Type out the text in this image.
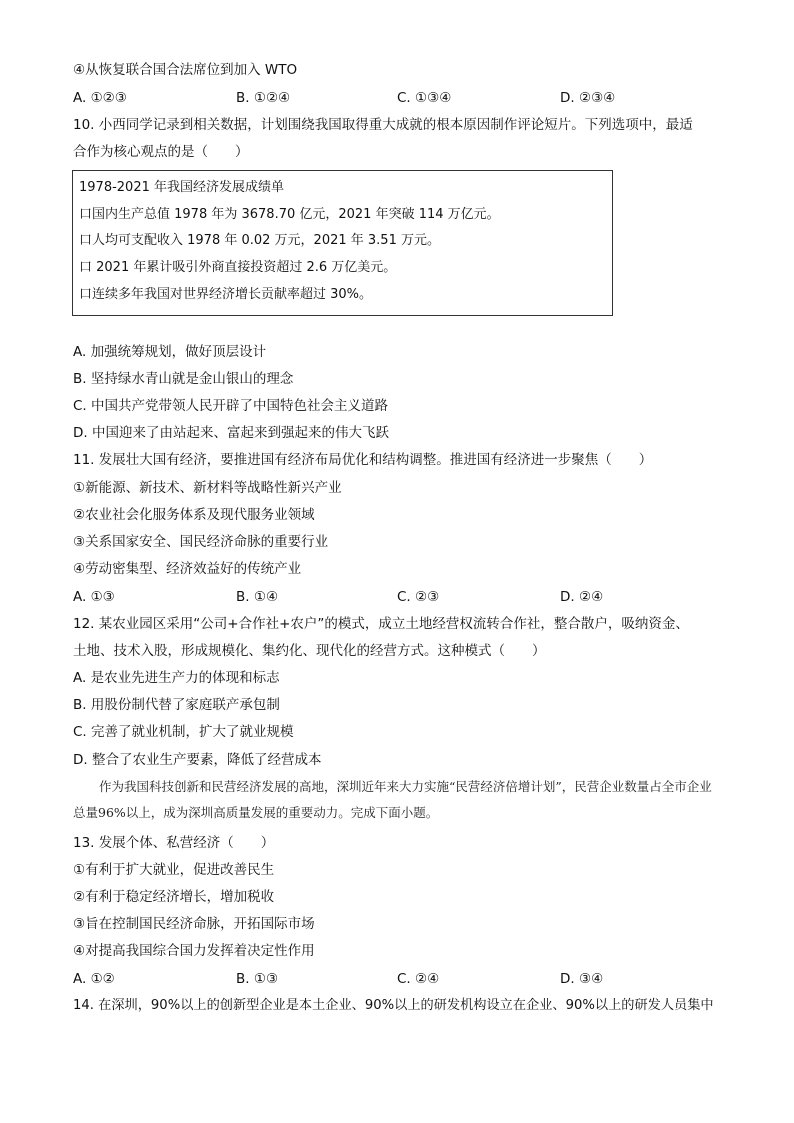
④从恢复联合国合法席位到加入 WTO
A. ①②③	B. ①②④	C. ①③④	D. ②③④
10. 小西同学记录到相关数据，计划围绕我国取得重大成就的根本原因制作评论短片。下列选项中，最适
合作为核心观点的是（　　）
1978-2021 年我国经济发展成绩单
口国内生产总值 1978 年为 3678.70 亿元，2021 年突破 114 万亿元。
口人均可支配收入 1978 年 0.02 万元，2021 年 3.51 万元。
口 2021 年累计吸引外商直接投资超过 2.6 万亿美元。
口连续多年我国对世界经济增长贡献率超过 30%。
A. 加强统筹规划，做好顶层设计
B. 坚持绿水青山就是金山银山的理念
C. 中国共产党带领人民开辟了中国特色社会主义道路
D. 中国迎来了由站起来、富起来到强起来的伟大飞跃
11. 发展壮大国有经济，要推进国有经济布局优化和结构调整。推进国有经济进一步聚焦（　　）
①新能源、新技术、新材料等战略性新兴产业
②农业社会化服务体系及现代服务业领域
③关系国家安全、国民经济命脉的重要行业
④劳动密集型、经济效益好的传统产业
A. ①③	B. ①④	C. ②③	D. ②④
12. 某农业园区采用“公司+合作社+农户”的模式，成立土地经营权流转合作社，整合散户，吸纳资金、
土地、技术入股，形成规模化、集约化、现代化的经营方式。这种模式（　　）
A. 是农业先进生产力的体现和标志
B. 用股份制代替了家庭联产承包制
C. 完善了就业机制，扩大了就业规模
D. 整合了农业生产要素，降低了经营成本
作为我国科技创新和民营经济发展的高地，深圳近年来大力实施“民营经济倍增计划”，民营企业数量占全市企业总量96%以上，成为深圳高质量发展的重要动力。完成下面小题。
13. 发展个体、私营经济（　　）
①有利于扩大就业，促进改善民生
②有利于稳定经济增长，增加税收
③旨在控制国民经济命脉，开拓国际市场
④对提高我国综合国力发挥着决定性作用
A. ①②	B. ①③	C. ②④	D. ③④
14. 在深圳，90%以上的创新型企业是本土企业、90%以上的研发机构设立在企业、90%以上的研发人员集中
